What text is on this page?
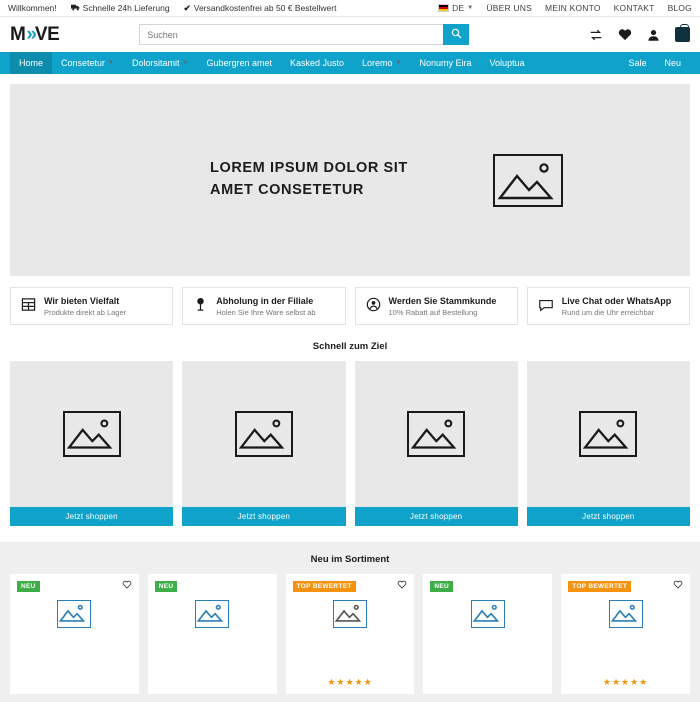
Willkommen!	Schnelle 24h Lieferung ✔ Versandkostenfrei ab 50 € Bestellwert	DE ▼ ÜBER UNS MEIN KONTO KONTAKT BLOG
M » VE
Suchen
Home Consetetur ▼ Dolorsitamit ▼ Gubergren amet Kasked Justo Loremo ▼ Nonumy Eira Voluptua	Sale Neu
LOREM IPSUM DOLOR SIT
AMET CONSETETUR
Wir bieten Vielfalt
Produkte direkt ab Lager
Abholung in der Filiale
Holen Sie Ihre Ware selbst ab
Werden Sie Stammkunde
10% Rabatt auf Bestellung
Live Chat oder WhatsApp
Rund um die Uhr erreichbar
Schnell zum Ziel
Jetzt shoppen	Jetzt shoppen	Jetzt shoppen	Jetzt shoppen
Neu im Sortiment
NEU	NEU	TOP BEWERTET
★★★★★
NEU	TOP BEWERTET
★★★★★
